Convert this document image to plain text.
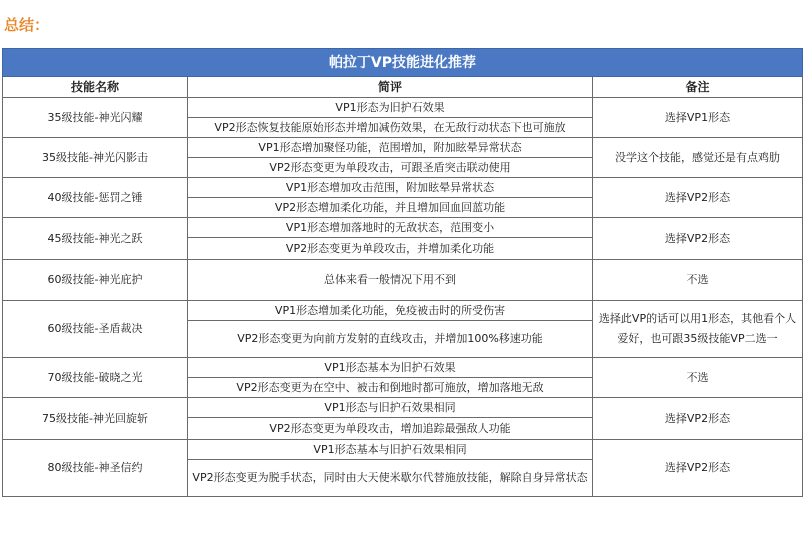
总结：
帕拉丁VP技能进化推荐		
技能名称	简评	备注
35级技能-神光闪耀	VP1形态为旧护石效果	选择VP1形态
	VP2形态恢复技能原始形态并增加减伤效果，在无敌行动状态下也可施放	
35级技能-神光闪影击	VP1形态增加聚怪功能，范围增加，附加眩晕异常状态	没学这个技能，感觉还是有点鸡肋
	VP2形态变更为单段攻击，可跟圣盾突击联动使用	
40级技能-惩罚之锤	VP1形态增加攻击范围，附加眩晕异常状态	选择VP2形态
	VP2形态增加柔化功能，并且增加回血回蓝功能	
45级技能-神光之跃	VP1形态增加落地时的无敌状态，范围变小	选择VP2形态
	VP2形态变更为单段攻击，并增加柔化功能	
60级技能-神光庇护	总体来看一般情况下用不到	不选
60级技能-圣盾裁决	VP1形态增加柔化功能，免疫被击时的所受伤害	选择此VP的话可以用1形态，其他看个人爱好，也可跟35级技能VP二选一
	VP2形态变更为向前方发射的直线攻击，并增加100%移速功能	
70级技能-破晓之光	VP1形态基本为旧护石效果	不选
	VP2形态变更为在空中、被击和倒地时都可施放，增加落地无敌	
75级技能-神光回旋斩	VP1形态与旧护石效果相同	选择VP2形态
	VP2形态变更为单段攻击，增加追踪最强敌人功能	
80级技能-神圣信约	VP1形态基本与旧护石效果相同	选择VP2形态
	VP2形态变更为脱手状态，同时由大天使米歇尔代替施放技能，解除自身异常状态	
